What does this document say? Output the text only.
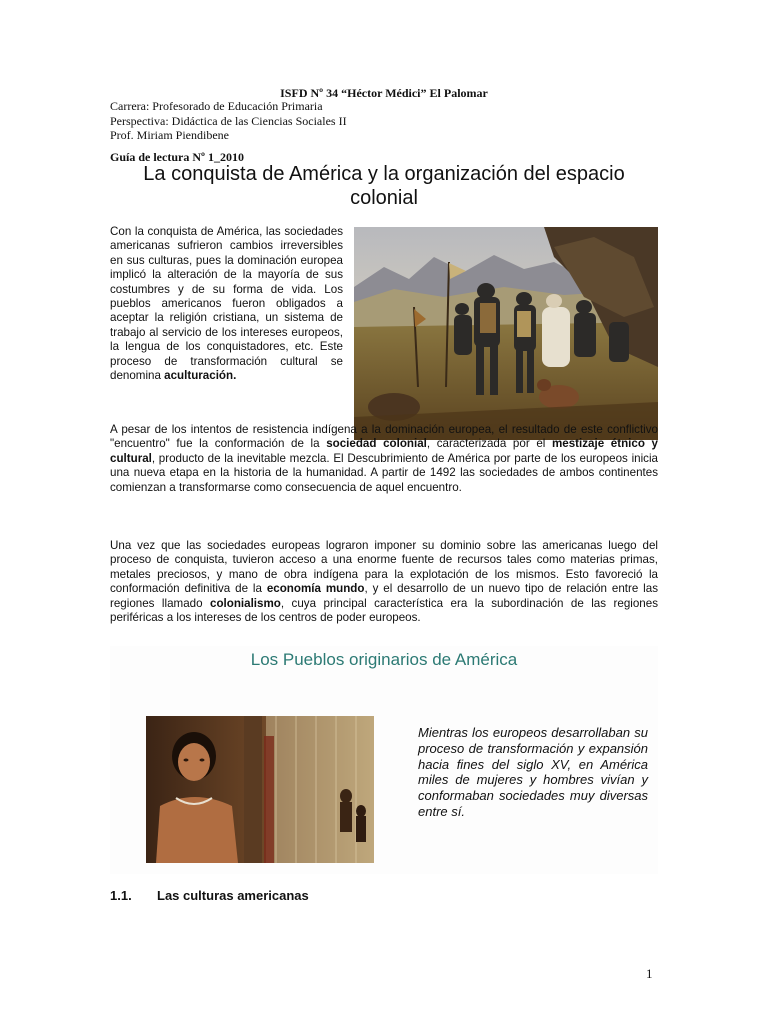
ISFD Nº 34 “Héctor Médici” El Palomar
Carrera: Profesorado de Educación Primaria
Perspectiva: Didáctica de las Ciencias Sociales II
Prof. Miriam Piendibene
Guía de lectura Nº 1_2010
La conquista de América y la organización del espacio colonial
Con la conquista de América, las sociedades americanas sufrieron cambios irreversibles en sus culturas, pues la dominación europea implicó la alteración de la mayoría de sus costumbres y de su forma de vida. Los pueblos americanos fueron obligados a aceptar la religión cristiana, un sistema de trabajo al servicio de los intereses europeos, la lengua de los conquistadores, etc. Este proceso de transformación cultural se denomina aculturación.
A pesar de los intentos de resistencia indígena a la dominación europea, el resultado de este conflictivo "encuentro" fue la conformación de la sociedad colonial, caracterizada por el mestizaje étnico y cultural, producto de la inevitable mezcla. El Descubrimiento de América por parte de los europeos inicia una nueva etapa en la historia de la humanidad. A partir de 1492 las sociedades de ambos continentes comienzan a transformarse como consecuencia de aquel encuentro.
Una vez que las sociedades europeas lograron imponer su dominio sobre las americanas luego del proceso de conquista, tuvieron acceso a una enorme fuente de recursos tales como materias primas, metales preciosos, y mano de obra indígena para la explotación de los mismos. Esto favoreció la conformación definitiva de la economía mundo, y el desarrollo de un nuevo tipo de relación entre las regiones llamado colonialismo, cuya principal característica era la subordinación de las regiones periféricas a los intereses de los centros de poder europeos.
Los Pueblos originarios de América
Mientras los europeos desarrollaban su proceso de transformación y expansión hacia fines del siglo XV, en América miles de mujeres y hombres vivían y conformaban sociedades muy diversas entre sí.
1.1. Las culturas americanas
1
